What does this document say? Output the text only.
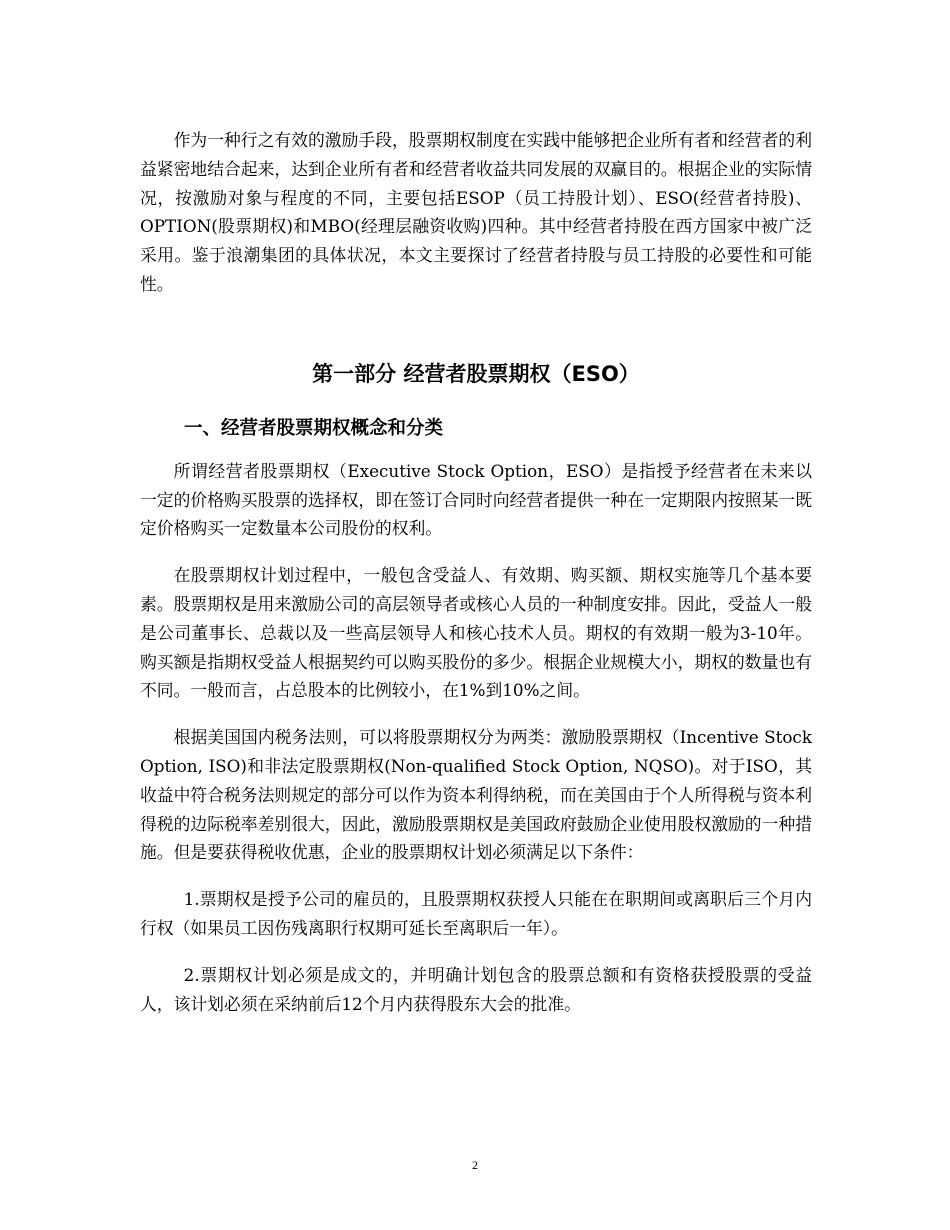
作为一种行之有效的激励手段，股票期权制度在实践中能够把企业所有者和经营者的利益紧密地结合起来，达到企业所有者和经营者收益共同发展的双赢目的。根据企业的实际情况，按激励对象与程度的不同，主要包括ESOP（员工持股计划）、ESO(经营者持股)、OPTION(股票期权)和MBO(经理层融资收购)四种。其中经营者持股在西方国家中被广泛采用。鉴于浪潮集团的具体状况，本文主要探讨了经营者持股与员工持股的必要性和可能性。

第一部分 经营者股票期权（ESO）
一、经营者股票期权概念和分类

所谓经营者股票期权（Executive Stock Option，ESO）是指授予经营者在未来以一定的价格购买股票的选择权，即在签订合同时向经营者提供一种在一定期限内按照某一既定价格购买一定数量本公司股份的权利。

在股票期权计划过程中，一般包含受益人、有效期、购买额、期权实施等几个基本要素。股票期权是用来激励公司的高层领导者或核心人员的一种制度安排。因此，受益人一般是公司董事长、总裁以及一些高层领导人和核心技术人员。期权的有效期一般为3-10年。购买额是指期权受益人根据契约可以购买股份的多少。根据企业规模大小，期权的数量也有不同。一般而言，占总股本的比例较小，在1%到10%之间。

根据美国国内税务法则，可以将股票期权分为两类：激励股票期权（Incentive Stock Option, ISO)和非法定股票期权(Non-qualified Stock Option, NQSO)。对于ISO，其收益中符合税务法则规定的部分可以作为资本利得纳税，而在美国由于个人所得税与资本利得税的边际税率差别很大，因此，激励股票期权是美国政府鼓励企业使用股权激励的一种措施。但是要获得税收优惠，企业的股票期权计划必须满足以下条件：

1.票期权是授予公司的雇员的，且股票期权获授人只能在在职期间或离职后三个月内行权（如果员工因伤残离职行权期可延长至离职后一年）。

2.票期权计划必须是成文的，并明确计划包含的股票总额和有资格获授股票的受益人，该计划必须在采纳前后12个月内获得股东大会的批准。

2
